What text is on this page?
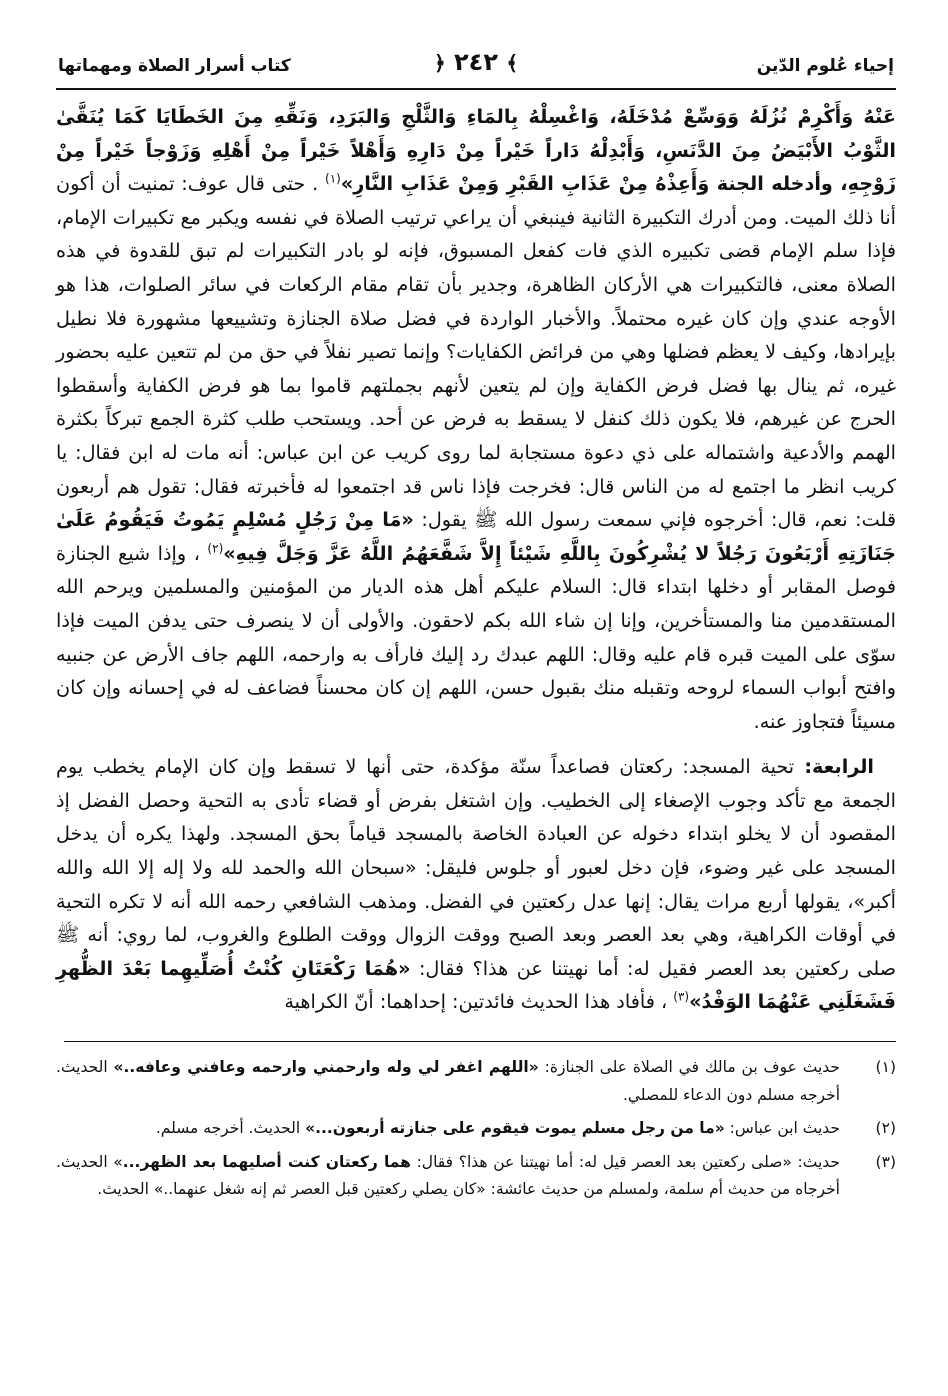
إحياء عُلوم الدّين
﴾ ٢٤٢ ﴿
كتاب أسرار الصلاة ومهماتها

عَنْهُ وَأَكْرِمْ نُزُلَهُ وَوَسِّعْ مُدْخَلَهُ، وَاغْسِلْهُ بِالمَاءِ وَالثَّلْجِ وَالبَرَدِ، وَنَقِّهِ مِنَ الخَطَايَا كَمَا يُنَقَّىٰ الثَّوْبُ الأَبْيَضُ مِنَ الدَّنَسِ، وَأَبْدِلْهُ دَاراً خَيْراً مِنْ دَارِهِ وَأَهْلاً خَيْراً مِنْ أَهْلِهِ وَزَوْجاً خَيْراً مِنْ زَوْجِهِ، وأدخله الجنة وَأَعِذْهُ مِنْ عَذَابِ القَبْرِ وَمِنْ عَذَابِ النَّارِ»$^{(١)}$ . حتى قال عوف: تمنيت أن أكون أنا ذلك الميت. ومن أدرك التكبيرة الثانية فينبغي أن يراعي ترتيب الصلاة في نفسه ويكبر مع تكبيرات الإمام، فإذا سلم الإمام قضى تكبيره الذي فات كفعل المسبوق، فإنه لو بادر التكبيرات لم تبق للقدوة في هذه الصلاة معنى، فالتكبيرات هي الأركان الظاهرة، وجدير بأن تقام مقام الركعات في سائر الصلوات، هذا هو الأوجه عندي وإن كان غيره محتملاً. والأخبار الواردة في فضل صلاة الجنازة وتشييعها مشهورة فلا نطيل بإيرادها، وكيف لا يعظم فضلها وهي من فرائض الكفايات؟ وإنما تصير نفلاً في حق من لم تتعين عليه بحضور غيره، ثم ينال بها فضل فرض الكفاية وإن لم يتعين لأنهم بجملتهم قاموا بما هو فرض الكفاية وأسقطوا الحرج عن غيرهم، فلا يكون ذلك كنفل لا يسقط به فرض عن أحد. ويستحب طلب كثرة الجمع تبركاً بكثرة الهمم والأدعية واشتماله على ذي دعوة مستجابة لما روى كريب عن ابن عباس: أنه مات له ابن فقال: يا كريب انظر ما اجتمع له من الناس قال: فخرجت فإذا ناس قد اجتمعوا له فأخبرته فقال: تقول هم أربعون قلت: نعم، قال: أخرجوه فإني سمعت رسول الله ﷺ يقول: «مَا مِنْ رَجُلٍ مُسْلِمٍ يَمُوتُ فَيَقُومُ عَلَىٰ جَنَازَتِهِ أَرْبَعُونَ رَجُلاً لا يُشْرِكُونَ بِاللَّهِ شَيْئاً إِلاَّ شَفَّعَهُمُ اللَّهُ عَزَّ وَجَلَّ فِيهِ»$^{(٢)}$ ، وإذا شيع الجنازة فوصل المقابر أو دخلها ابتداء قال: السلام عليكم أهل هذه الديار من المؤمنين والمسلمين ويرحم الله المستقدمين منا والمستأخرين، وإنا إن شاء الله بكم لاحقون. والأولى أن لا ينصرف حتى يدفن الميت فإذا سوّى على الميت قبره قام عليه وقال: اللهم عبدك رد إليك فارأف به وارحمه، اللهم جاف الأرض عن جنبيه وافتح أبواب السماء لروحه وتقبله منك بقبول حسن، اللهم إن كان محسناً فضاعف له في إحسانه وإن كان مسيئاً فتجاوز عنه.

الرابعة: تحية المسجد: ركعتان فصاعداً سنّة مؤكدة، حتى أنها لا تسقط وإن كان الإمام يخطب يوم الجمعة مع تأكد وجوب الإصغاء إلى الخطيب. وإن اشتغل بفرض أو قضاء تأدى به التحية وحصل الفضل إذ المقصود أن لا يخلو ابتداء دخوله عن العبادة الخاصة بالمسجد قياماً بحق المسجد. ولهذا يكره أن يدخل المسجد على غير وضوء، فإن دخل لعبور أو جلوس فليقل: «سبحان الله والحمد لله ولا إله إلا الله والله أكبر»، يقولها أربع مرات يقال: إنها عدل ركعتين في الفضل. ومذهب الشافعي رحمه الله أنه لا تكره التحية في أوقات الكراهية، وهي بعد العصر وبعد الصبح ووقت الزوال ووقت الطلوع والغروب، لما روي: أنه ﷺ صلى ركعتين بعد العصر فقيل له: أما نهيتنا عن هذا؟ فقال: «هُمَا رَكْعَتَانِ كُنْتُ أُصَلِّيهِما بَعْدَ الظُّهرِ فَشَغَلَنِي عَنْهُمَا الوَفْدُ»$^{(٣)}$ ، فأفاد هذا الحديث فائدتين: إحداهما: أنّ الكراهية

(١)
حديث عوف بن مالك في الصلاة على الجنازة: «اللهم اغفر لي وله وارحمني وارحمه وعافني وعافه..» الحديث. أخرجه مسلم دون الدعاء للمصلي.
(٢)
حديث ابن عباس: «ما من رجل مسلم يموت فيقوم على جنازته أربعون...» الحديث. أخرجه مسلم.
(٣)
حديث: «صلى ركعتين بعد العصر قيل له: أما نهيتنا عن هذا؟ فقال: هما ركعتان كنت أصليهما بعد الظهر...» الحديث. أخرجاه من حديث أم سلمة، ولمسلم من حديث عائشة: «كان يصلي ركعتين قبل العصر ثم إنه شغل عنهما..» الحديث.
